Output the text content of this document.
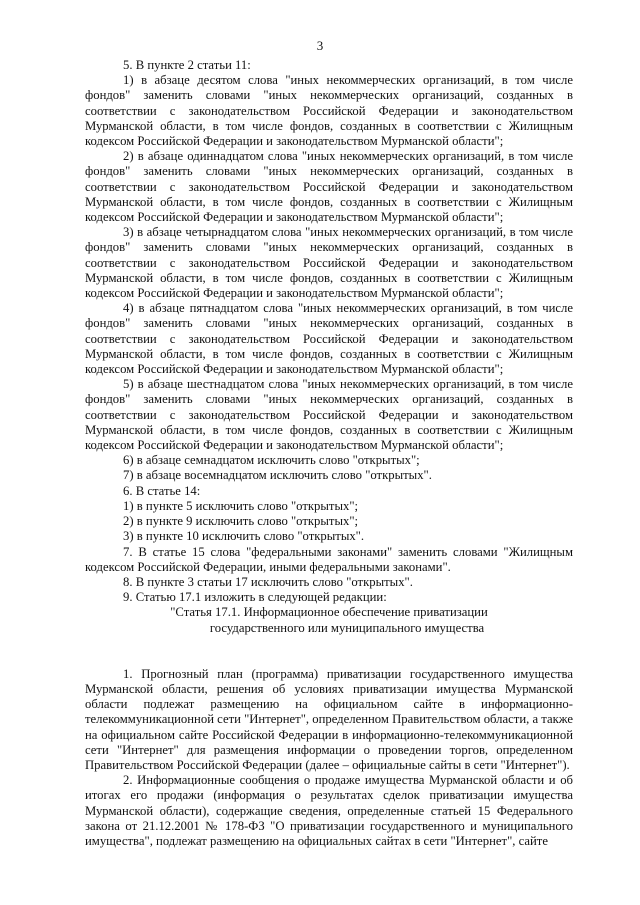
3

5. В пункте 2 статьи 11:

1) в абзаце десятом слова "иных некоммерческих организаций, в том числе фондов" заменить словами "иных некоммерческих организаций, созданных в соответствии с законодательством Российской Федерации и законодательством Мурманской области, в том числе фондов, созданных в соответствии с Жилищным кодексом Российской Федерации и законодательством Мурманской области";

2) в абзаце одиннадцатом слова "иных некоммерческих организаций, в том числе фондов" заменить словами "иных некоммерческих организаций, созданных в соответствии с законодательством Российской Федерации и законодательством Мурманской области, в том числе фондов, созданных в соответствии с Жилищным кодексом Российской Федерации и законодательством Мурманской области";

3) в абзаце четырнадцатом слова "иных некоммерческих организаций, в том числе фондов" заменить словами "иных некоммерческих организаций, созданных в соответствии с законодательством Российской Федерации и законодательством Мурманской области, в том числе фондов, созданных в соответствии с Жилищным кодексом Российской Федерации и законодательством Мурманской области";

4) в абзаце пятнадцатом слова "иных некоммерческих организаций, в том числе фондов" заменить словами "иных некоммерческих организаций, созданных в соответствии с законодательством Российской Федерации и законодательством Мурманской области, в том числе фондов, созданных в соответствии с Жилищным кодексом Российской Федерации и законодательством Мурманской области";

5) в абзаце шестнадцатом слова "иных некоммерческих организаций, в том числе фондов" заменить словами "иных некоммерческих организаций, созданных в соответствии с законодательством Российской Федерации и законодательством Мурманской области, в том числе фондов, созданных в соответствии с Жилищным кодексом Российской Федерации и законодательством Мурманской области";

6) в абзаце семнадцатом исключить слово "открытых";

7) в абзаце восемнадцатом исключить слово "открытых".

6. В статье 14:

1) в пункте 5 исключить слово "открытых";

2) в пункте 9 исключить слово "открытых";

3) в пункте 10 исключить слово "открытых".

7. В статье 15 слова "федеральными законами" заменить словами "Жилищным кодексом Российской Федерации, иными федеральными законами".

8. В пункте 3 статьи 17 исключить слово "открытых".

9. Статью 17.1 изложить в следующей редакции:

"Статья 17.1. Информационное обеспечение приватизации

государственного или муниципального имущества

1. Прогнозный план (программа) приватизации государственного имущества Мурманской области, решения об условиях приватизации имущества Мурманской области подлежат размещению на официальном сайте в информационно-телекоммуникационной сети "Интернет", определенном Правительством области, а также на официальном сайте Российской Федерации в информационно-телекоммуникационной сети "Интернет" для размещения информации о проведении торгов, определенном Правительством Российской Федерации (далее – официальные сайты в сети "Интернет").

2. Информационные сообщения о продаже имущества Мурманской области и об итогах его продажи (информация о результатах сделок приватизации имущества Мурманской области), содержащие сведения, определенные статьей 15 Федерального закона от 21.12.2001 № 178-ФЗ "О приватизации государственного и муниципального имущества", подлежат размещению на официальных сайтах в сети "Интернет", сайте
